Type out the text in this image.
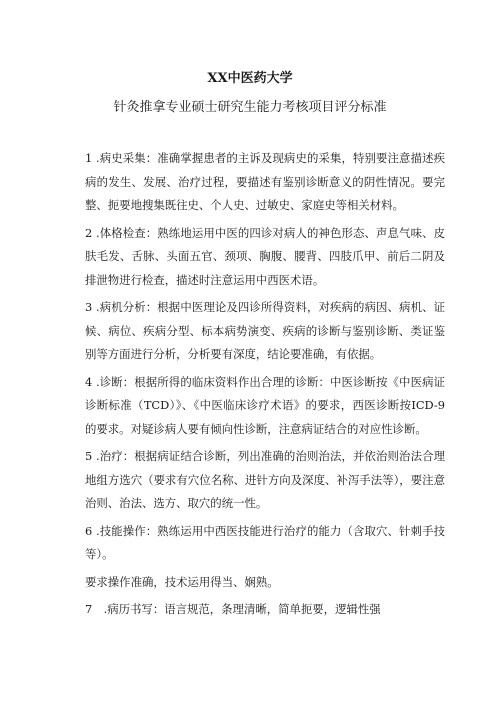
XX中医药大学
针灸推拿专业硕士研究生能力考核项目评分标准

1 .病史采集：准确掌握患者的主诉及现病史的采集，特别要注意描述疾病的发生、发展、治疗过程，要描述有鉴别诊断意义的阴性情况。要完整、扼要地搜集既往史、个人史、过敏史、家庭史等相关材料。

2 .体格检查：熟练地运用中医的四诊对病人的神色形态、声息气味、皮肤毛发、舌脉、头面五官、颈项、胸腹、腰背、四肢爪甲、前后二阴及排泄物进行检查，描述时注意运用中西医术语。

3 .病机分析：根据中医理论及四诊所得资料，对疾病的病因、病机、证候、病位、疾病分型、标本病势演变、疾病的诊断与鉴别诊断、类证鉴别等方面进行分析，分析要有深度，结论要准确，有依据。

4 .诊断：根据所得的临床资料作出合理的诊断：中医诊断按《中医病证诊断标准（TCD）》、《中医临床诊疗术语》的要求，西医诊断按ICD-9的要求。对疑诊病人要有倾向性诊断，注意病证结合的对应性诊断。

5 .治疗：根据病证结合诊断，列出准确的治则治法，并依治则治法合理地组方选穴（要求有穴位名称、进针方向及深度、补泻手法等），要注意治则、治法、选方、取穴的统一性。

6 .技能操作：熟练运用中西医技能进行治疗的能力（含取穴、针刺手技等）。

要求操作准确，技术运用得当、娴熟。

7　.病历书写：语言规范，条理清晰，简单扼要，逻辑性强
